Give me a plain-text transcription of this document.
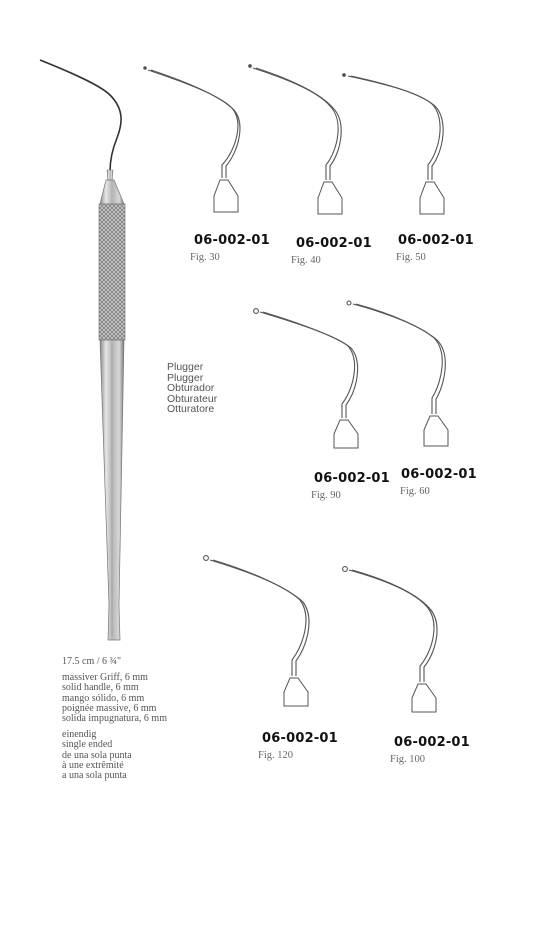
06-002-01
Fig. 30
06-002-01
Fig. 40
06-002-01
Fig. 50
06-002-01
Fig. 90
06-002-01
Fig. 60
06-002-01
Fig. 120
06-002-01
Fig. 100
Plugger
Plugger
Obturador
Obturateur
Otturatore
17.5 cm / 6 ¾"
massiver Griff, 6 mm
solid handle, 6 mm
mango sólido, 6 mm
poignée massive, 6 mm
solida impugnatura, 6 mm
einendig
single ended
de una sola punta
à une extrêmité
a una sola punta
